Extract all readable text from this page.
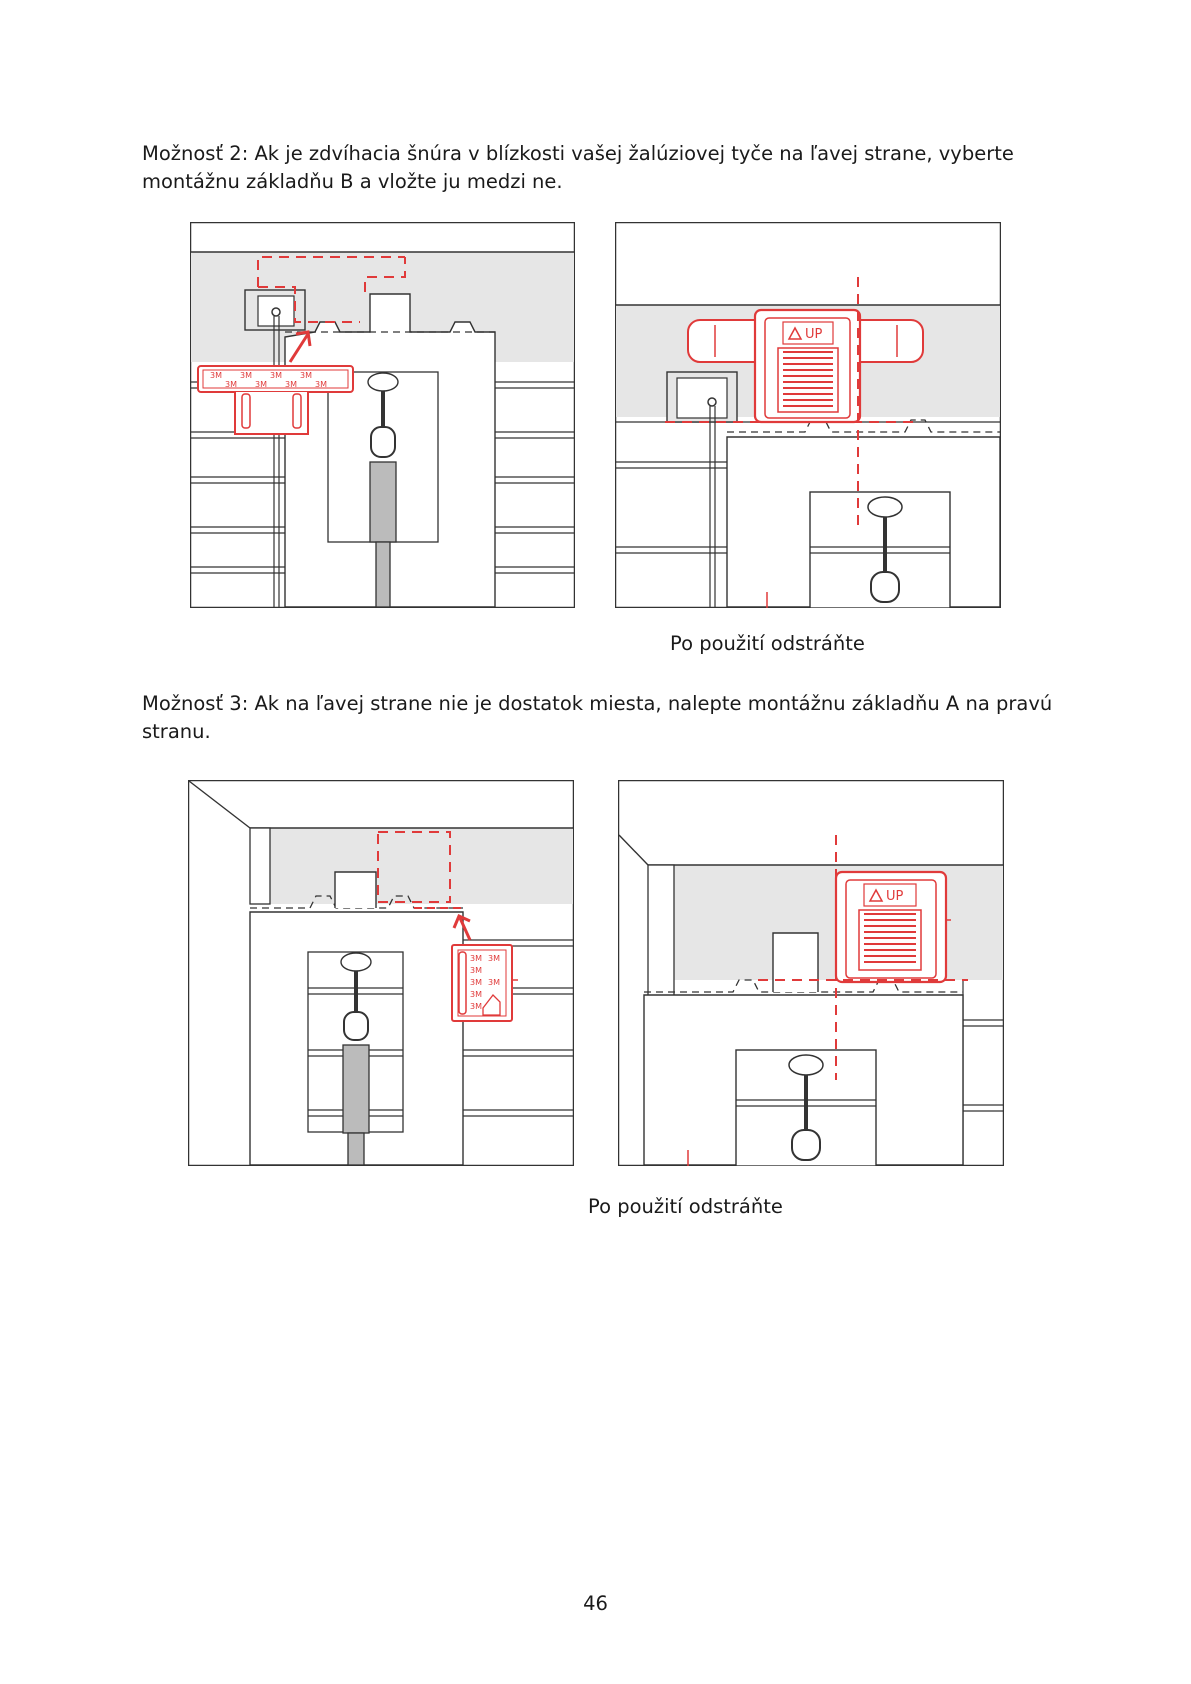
Možnosť 2: Ak je zdvíhacia šnúra v blízkosti vašej žalúziovej tyče na ľavej strane, vyberte montážnu základňu B a vložte ju medzi ne.

3M 3M 3M 3M
3M 3M 3M 3M
UP
Po použití odstráňte

Možnosť 3: Ak na ľavej strane nie je dostatok miesta, nalepte montážnu základňu A na pravú stranu.

3M 3M
3M
3M 3M
3M
3M
UP
Po použití odstráňte
46
